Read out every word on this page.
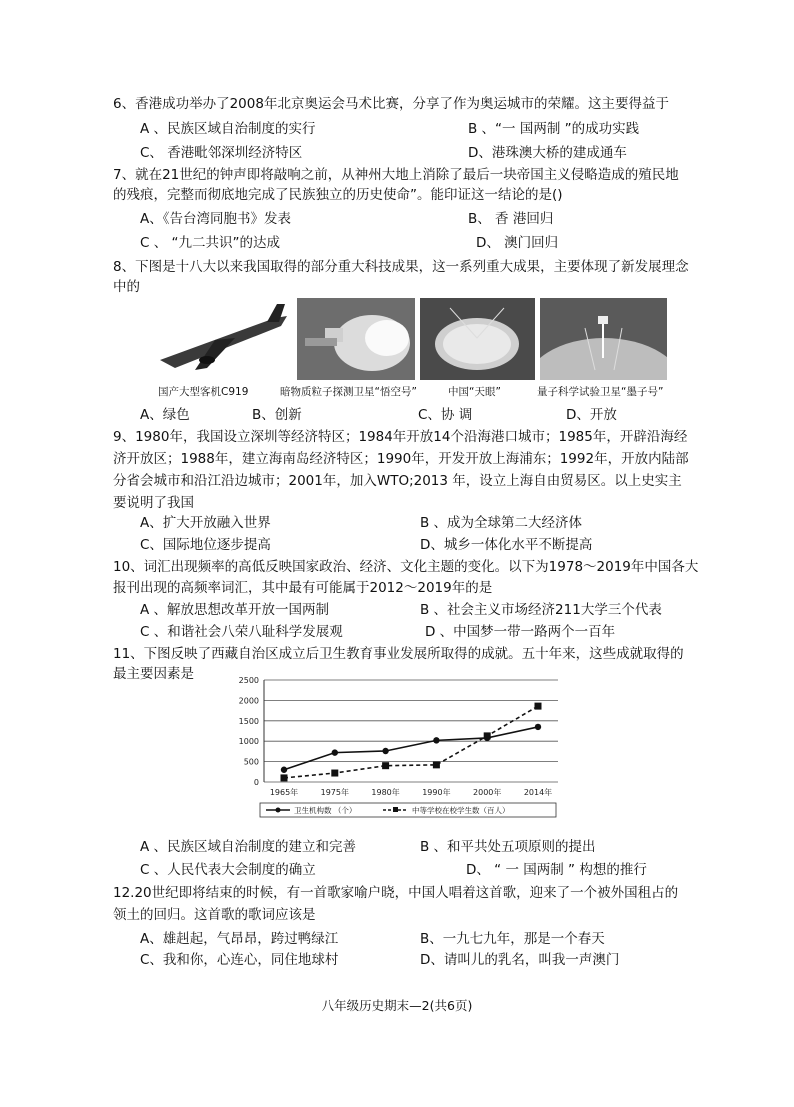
6、香港成功举办了2008年北京奥运会马术比赛，分享了作为奥运城市的荣耀。这主要得益于
A 、民族区域自治制度的实行	B 、“一 国两制 ”的成功实践
C、 香港毗邻深圳经济特区	D、港珠澳大桥的建成通车
7、就在21世纪的钟声即将敲响之前，从神州大地上消除了最后一块帝国主义侵略造成的殖民地
的残痕，完整而彻底地完成了民族独立的历史使命”。能印证这一结论的是()
A、《告台湾同胞书》发表	B、 香 港回归
C 、 “九二共识”的达成	D、 澳门回归
8、下图是十八大以来我国取得的部分重大科技成果，这一系列重大成果，主要体现了新发展理念
中的
国产大型客机C919	暗物质粒子探测卫星“悟空号”	中国“天眼”	量子科学试验卫星“墨子号”
A、绿色	B、创新	C、协 调	D、开放
9、1980年，我国设立深圳等经济特区；1984年开放14个沿海港口城市；1985年，开辟沿海经
济开放区；1988年，建立海南岛经济特区；1990年，开发开放上海浦东；1992年，开放内陆部
分省会城市和沿江沿边城市；2001年，加入WTO;2013 年，设立上海自由贸易区。以上史实主
要说明了我国
A、扩大开放融入世界	B 、成为全球第二大经济体
C、国际地位逐步提高	D、城乡一体化水平不断提高
10、词汇出现频率的高低反映国家政治、经济、文化主题的变化。以下为1978～2019年中国各大
报刊出现的高频率词汇，其中最有可能属于2012～2019年的是
A 、解放思想改革开放一国两制	B 、社会主义市场经济211大学三个代表
C 、和谐社会八荣八耻科学发展观	D 、中国梦一带一路两个一百年
11、下图反映了西藏自治区成立后卫生教育事业发展所取得的成就。五十年来，这些成就取得的
最主要因素是
0
500
1000
1500
2000
2500
1965年	1975年	1980年	1990年	2000年	2014年
卫生机构数 （个）	中等学校在校学生数（百人）
A 、民族区域自治制度的建立和完善	B 、和平共处五项原则的提出
C 、人民代表大会制度的确立	D、 “ 一 国两制 ” 构想的推行
12.20世纪即将结束的时候，有一首歌家喻户晓，中国人唱着这首歌，迎来了一个被外国租占的
领土的回归。这首歌的歌词应该是
A、雄赳起，气昂昂，跨过鸭绿江	B、一九七九年，那是一个春天
C、我和你，心连心，同住地球村	D、请叫儿的乳名，叫我一声澳门
八年级历史期末—2(共6页)
